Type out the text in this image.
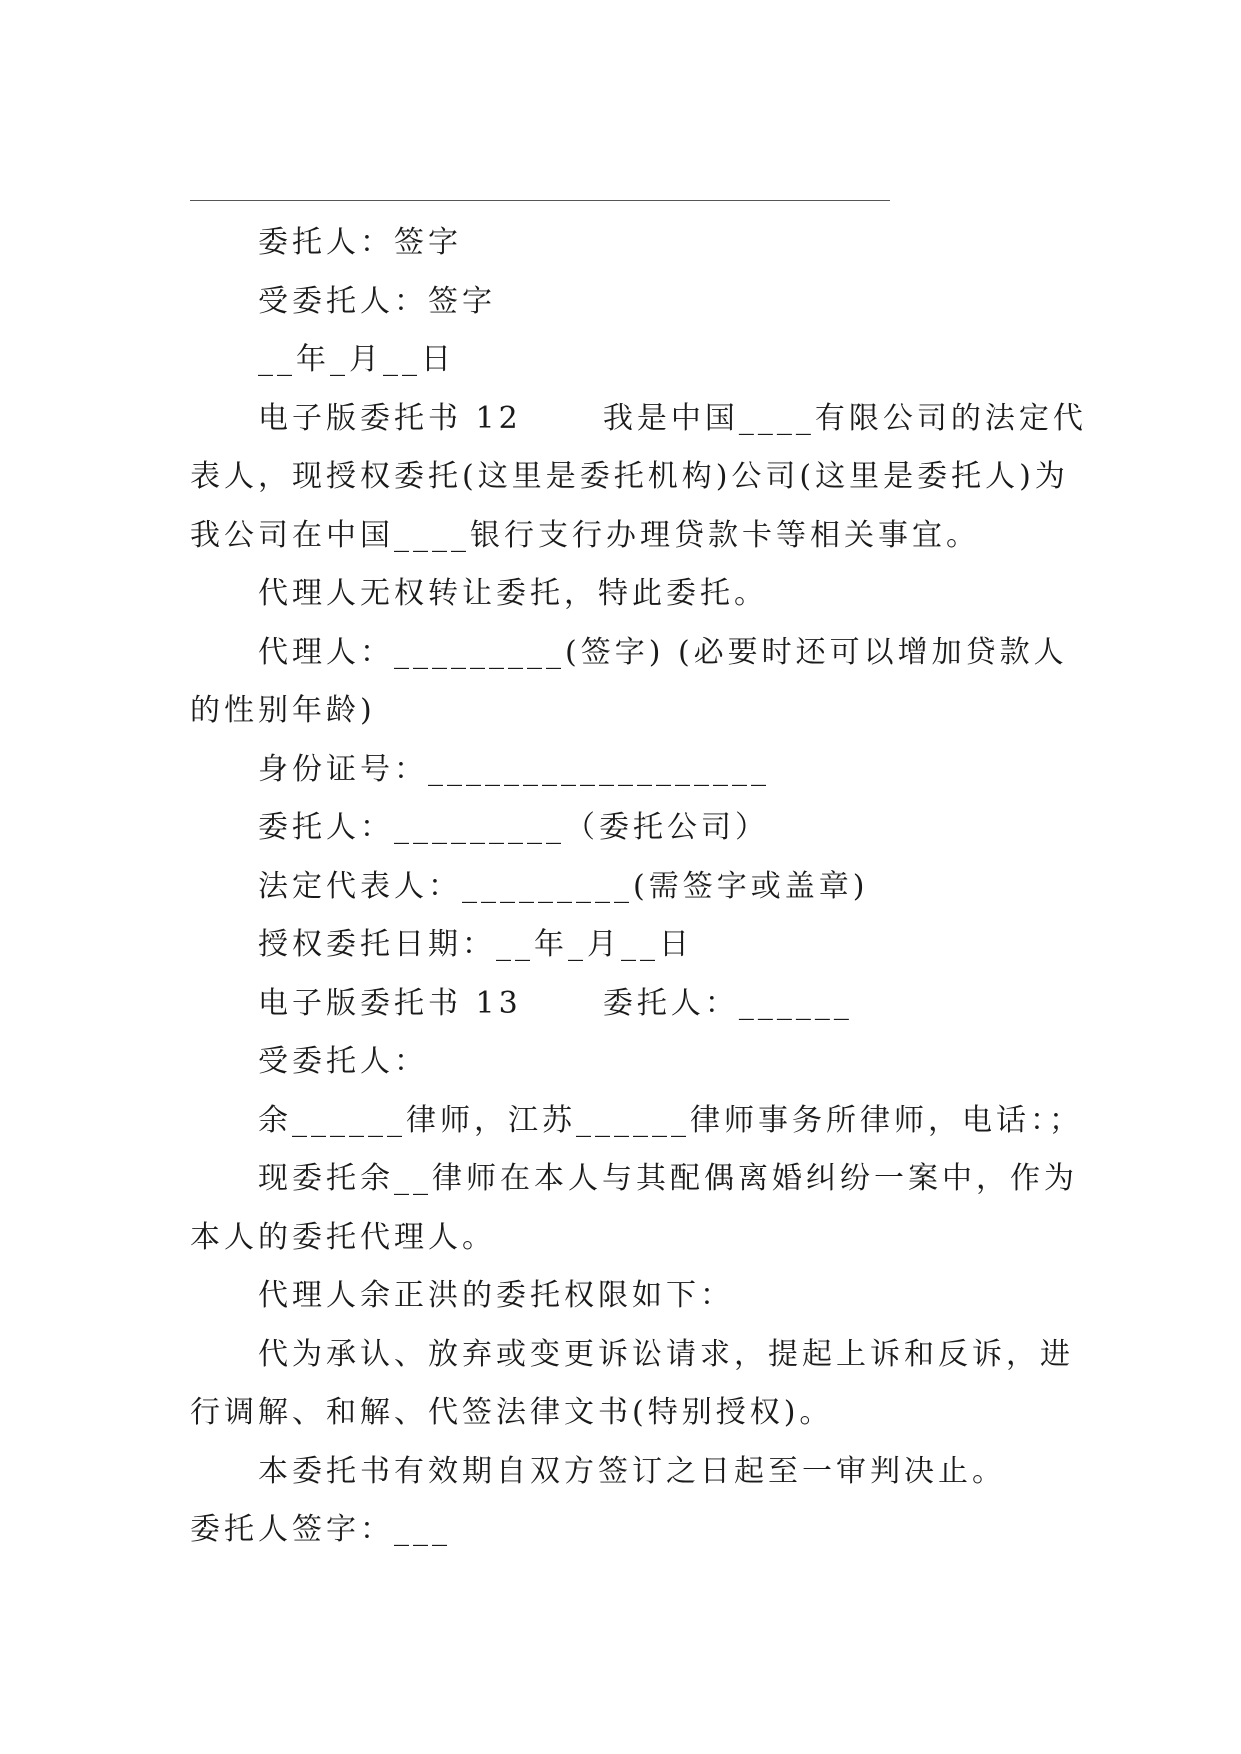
委托人：签字
受委托人：签字
__年_月__日
电子版委托书 12      我是中国____有限公司的法定代
表人，现授权委托(这里是委托机构)公司(这里是委托人)为
我公司在中国____银行支行办理贷款卡等相关事宜。
代理人无权转让委托，特此委托。
代理人：_________(签字) (必要时还可以增加贷款人
的性别年龄)
身份证号：__________________
委托人：_________（委托公司）
法定代表人：_________(需签字或盖章)
授权委托日期：__年_月__日
电子版委托书 13      委托人：______
受委托人：
余______律师，江苏______律师事务所律师，电话：；
现委托余__律师在本人与其配偶离婚纠纷一案中，作为
本人的委托代理人。
代理人余正洪的委托权限如下：
代为承认、放弃或变更诉讼请求，提起上诉和反诉，进
行调解、和解、代签法律文书(特别授权)。
本委托书有效期自双方签订之日起至一审判决止。
委托人签字：___
